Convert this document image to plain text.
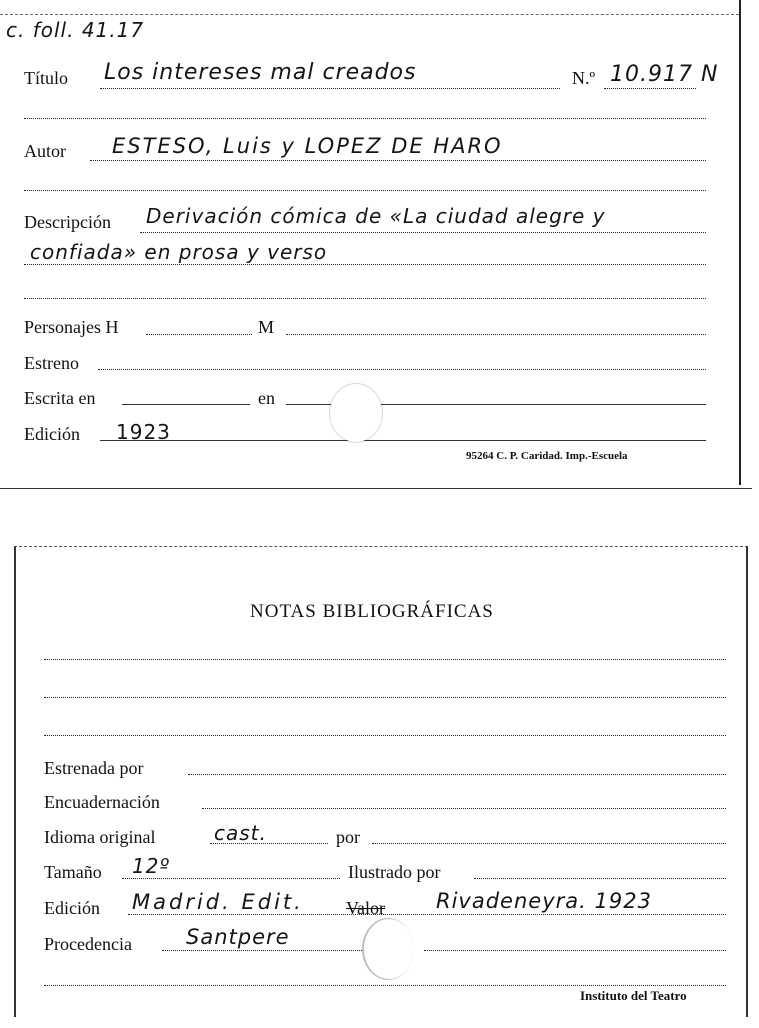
c. foll. 41.17
Título Los intereses mal creados	N.º 10.917 N
Autor ESTESO, Luis y LOPEZ DE HARO
Descripción Derivación cómica de «La ciudad alegre y
confiada» en prosa y verso
Personajes H	M
Estreno
Escrita en	en
Edición 1923
95264 C. P. Caridad. Imp.-Escuela
NOTAS BIBLIOGRÁFICAS
Estrenada por
Encuadernación
Idioma original	cast.	por
Tamaño 12º	Ilustrado por
Edición Madrid. Edit. Valor Rivadeneyra. 1923
Procedencia	Santpere
Instituto del Teatro
